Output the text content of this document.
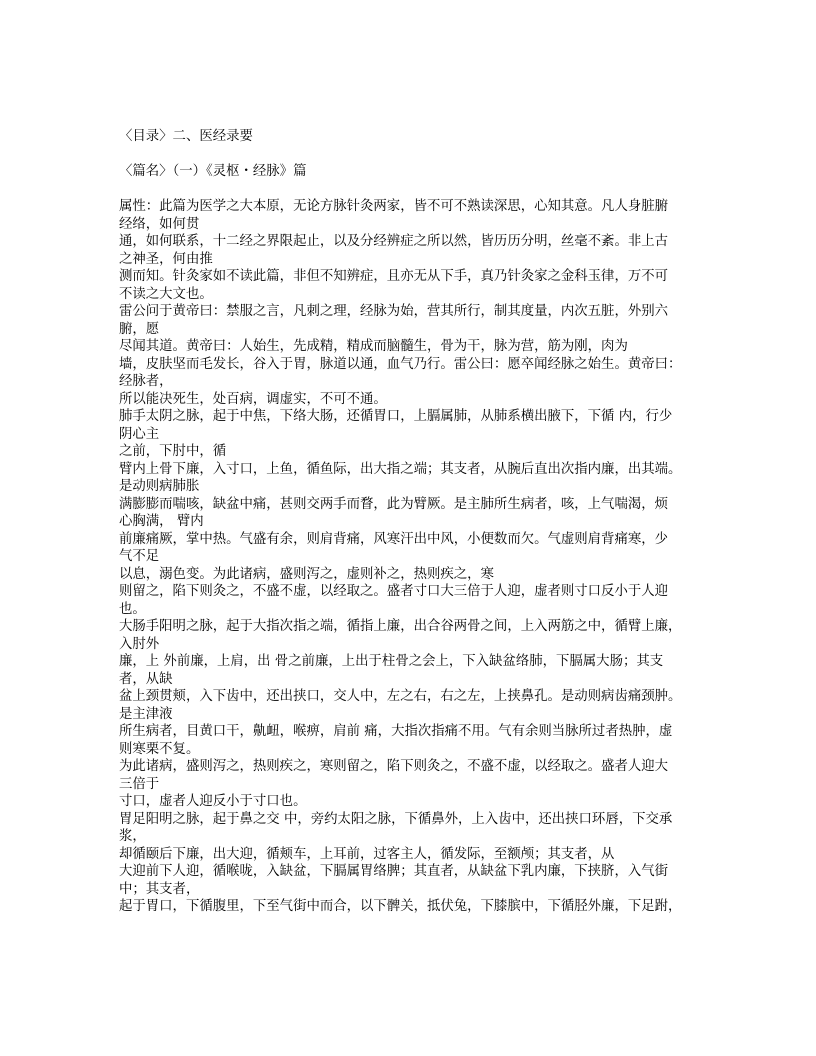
〈目录〉二、医经录要
〈篇名〉（一）《灵枢・经脉》篇
属性：此篇为医学之大本原，无论方脉针灸两家，皆不可不熟读深思，心知其意。凡人身脏腑
经络，如何贯
通，如何联系，十二经之界限起止，以及分经辨症之所以然，皆历历分明，丝毫不紊。非上古
之神圣，何由推
测而知。针灸家如不读此篇，非但不知辨症，且亦无从下手，真乃针灸家之金科玉律，万不可
不读之大文也。
雷公问于黄帝曰：禁服之言，凡刺之理，经脉为始，营其所行，制其度量，内次五脏，外别六
腑，愿
尽闻其道。黄帝曰：人始生，先成精，精成而脑髓生，骨为干，脉为营，筋为刚，肉为
墙，皮肤坚而毛发长，谷入于胃，脉道以通，血气乃行。雷公曰：愿卒闻经脉之始生。黄帝曰：
经脉者，
所以能决死生，处百病，调虚实，不可不通。
肺手太阴之脉，起于中焦，下络大肠，还循胃口，上膈属肺，从肺系横出腋下，下循 内，行少
阴心主
之前，下肘中，循
臂内上骨下廉，入寸口，上鱼，循鱼际，出大指之端；其支者，从腕后直出次指内廉，出其端。
是动则病肺胀
满膨膨而喘咳，缺盆中痛，甚则交两手而瞀，此为臂厥。是主肺所生病者，咳，上气喘渴，烦
心胸满， 臂内
前廉痛厥，掌中热。气盛有余，则肩背痛，风寒汗出中风，小便数而欠。气虚则肩背痛寒，少
气不足
以息，溺色变。为此诸病，盛则泻之，虚则补之，热则疾之，寒
则留之，陷下则灸之，不盛不虚，以经取之。盛者寸口大三倍于人迎，虚者则寸口反小于人迎
也。
大肠手阳明之脉，起于大指次指之端，循指上廉，出合谷两骨之间，上入两筋之中，循臂上廉，
入肘外
廉，上 外前廉，上肩，出 骨之前廉，上出于柱骨之会上，下入缺盆络肺，下膈属大肠；其支
者，从缺
盆上颈贯颊，入下齿中，还出挟口，交人中，左之右，右之左，上挟鼻孔。是动则病齿痛颈肿。
是主津液
所生病者，目黄口干，鼽衄，喉痹，肩前 痛，大指次指痛不用。气有余则当脉所过者热肿，虚
则寒栗不复。
为此诸病，盛则泻之，热则疾之，寒则留之，陷下则灸之，不盛不虚，以经取之。盛者人迎大
三倍于
寸口，虚者人迎反小于寸口也。
胃足阳明之脉，起于鼻之交 中，旁约太阳之脉，下循鼻外，上入齿中，还出挟口环唇，下交承
浆，
却循颐后下廉，出大迎，循颊车，上耳前，过客主人，循发际，至额颅；其支者，从
大迎前下人迎，循喉咙，入缺盆，下膈属胃络脾；其直者，从缺盆下乳内廉，下挟脐，入气街
中；其支者，
起于胃口，下循腹里，下至气街中而合，以下髀关，抵伏兔，下膝膑中，下循胫外廉，下足跗，
